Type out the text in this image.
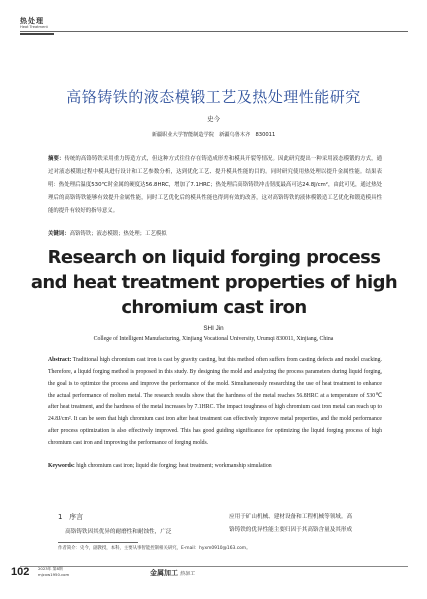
热处理
Heat Treatment
高铬铸铁的液态模锻工艺及热处理性能研究
史今
新疆职业大学智能制造学院　新疆乌鲁木齐　830011
摘要：传统的高铬铸铁采用重力铸造方式，但这种方式往往存在铸造成形差和模具开裂等情况。因此研究提出一种采用液态模锻的方式，通过对液态模锻过程中模具进行设计和工艺参数分析，达到优化工艺、提升模具性能的目的。同时研究使用热处理以提升金属性能。结果表明：热处理后温度530℃时金属的硬度达56.8HRC，增加了7.1HRC；热处理后高铬铸铁冲击韧度最高可达24.8J/cm²，由此可见，通过热处理后的高铬铸铁能够有效提升金属性能，同时工艺优化后的模具性能也得到有效的改善，这对高铬铸铁的液体模锻造工艺优化和锻造模具性能的提升有较好的指导意义。
关键词：高铬铸铁；液态模锻；热处理；工艺模拟
Research on liquid forging process and heat treatment properties of high chromium cast iron
SHI Jin
College of Intelligent Manufacturing, Xinjiang Vocational University, Urumqi 830011, Xinjiang, China
Abstract: Traditional high chromium cast iron is cast by gravity casting, but this method often suffers from casting defects and model cracking. Therefore, a liquid forging method is proposed in this study. By designing the mold and analyzing the process parameters during liquid forging, the goal is to optimize the process and improve the performance of the mold. Simultaneously researching the use of heat treatment to enhance the actual performance of molten metal. The research results show that the hardness of the metal reaches 56.8HRC at a temperature of 530℃ after heat treatment, and the hardness of the metal increases by 7.1HRC. The impact toughness of high chromium cast iron metal can reach up to 24.8J/cm². It can be seen that high chromium cast iron after heat treatment can effectively improve metal properties, and the mold performance after process optimization is also effectively improved. This has good guiding significance for optimizing the liquid forging process of high chromium cast iron and improving the performance of forging molds.
Keywords: high chromium cast iron; liquid die forging; heat treatment; workmanship simulation
1 序言
高铬铸铁因其优异的耐磨性和耐蚀性，广泛
应用于矿山机械、建材设备和工程机械等领域。高
铬铸铁的优异性能主要归因于其高铬含量及其形成
作者简介：史今，副教授，本科，主要从事智能控制相关研究，E-mail：hyxm0910@163.com。
102 2023年 第8期
mjcxw1950.com	金属加工 热加工
